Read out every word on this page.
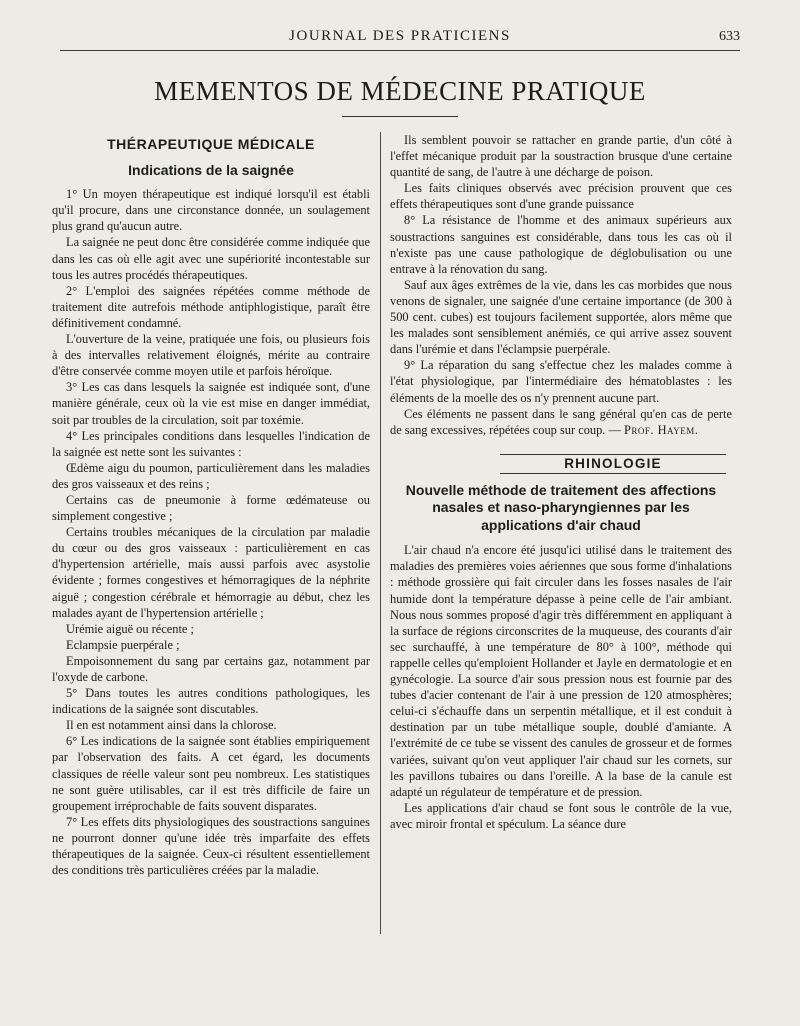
JOURNAL DES PRATICIENS	633
MEMENTOS DE MÉDECINE PRATIQUE
THÉRAPEUTIQUE MÉDICALE
Indications de la saignée

1° Un moyen thérapeutique est indiqué lorsqu'il est établi qu'il procure, dans une circonstance donnée, un soulagement plus grand qu'aucun autre.

La saignée ne peut donc être considérée comme indiquée que dans les cas où elle agit avec une supériorité incontestable sur tous les autres procédés thérapeutiques.

2° L'emploi des saignées répétées comme méthode de traitement dite autrefois méthode antiphlogistique, paraît être définitivement condamné.

L'ouverture de la veine, pratiquée une fois, ou plusieurs fois à des intervalles relativement éloignés, mérite au contraire d'être conservée comme moyen utile et parfois héroïque.

3° Les cas dans lesquels la saignée est indiquée sont, d'une manière générale, ceux où la vie est mise en danger immédiat, soit par troubles de la circulation, soit par toxémie.

4° Les principales conditions dans lesquelles l'indication de la saignée est nette sont les suivantes :

Œdème aigu du poumon, particulièrement dans les maladies des gros vaisseaux et des reins ;

Certains cas de pneumonie à forme œdémateuse ou simplement congestive ;

Certains troubles mécaniques de la circulation par maladie du cœur ou des gros vaisseaux : particulièrement en cas d'hypertension artérielle, mais aussi parfois avec asystolie évidente ; formes congestives et hémorragiques de la néphrite aiguë ; congestion cérébrale et hémorragie au début, chez les malades ayant de l'hypertension artérielle ;

Urémie aiguë ou récente ;

Eclampsie puerpérale ;

Empoisonnement du sang par certains gaz, notamment par l'oxyde de carbone.

5° Dans toutes les autres conditions pathologiques, les indications de la saignée sont discutables.

Il en est notamment ainsi dans la chlorose.

6° Les indications de la saignée sont établies empiriquement par l'observation des faits. A cet égard, les documents classiques de réelle valeur sont peu nombreux. Les statistiques ne sont guère utilisables, car il est très difficile de faire un groupement irréprochable de faits souvent disparates.

7° Les effets dits physiologiques des soustractions sanguines ne pourront donner qu'une idée très imparfaite des effets thérapeutiques de la saignée. Ceux-ci résultent essentiellement des conditions très particulières créées par la maladie.

Ils semblent pouvoir se rattacher en grande partie, d'un côté à l'effet mécanique produit par la soustraction brusque d'une certaine quantité de sang, de l'autre à une décharge de poison.

Les faits cliniques observés avec précision prouvent que ces effets thérapeutiques sont d'une grande puissance

8° La résistance de l'homme et des animaux supérieurs aux soustractions sanguines est considérable, dans tous les cas où il n'existe pas une cause pathologique de déglobulisation ou une entrave à la rénovation du sang.

Sauf aux âges extrêmes de la vie, dans les cas morbides que nous venons de signaler, une saignée d'une certaine importance (de 300 à 500 cent. cubes) est toujours facilement supportée, alors même que les malades sont sensiblement anémiés, ce qui arrive assez souvent dans l'urémie et dans l'éclampsie puerpérale.

9° La réparation du sang s'effectue chez les malades comme à l'état physiologique, par l'intermédiaire des hématoblastes : les éléments de la moelle des os n'y prennent aucune part.

Ces éléments ne passent dans le sang général qu'en cas de perte de sang excessives, répétées coup sur coup. — Prof. Hayem.

RHINOLOGIE
Nouvelle méthode de traitement des affections nasales et naso-pharyngiennes par les applications d'air chaud

L'air chaud n'a encore été jusqu'ici utilisé dans le traitement des maladies des premières voies aériennes que sous forme d'inhalations : méthode grossière qui fait circuler dans les fosses nasales de l'air humide dont la température dépasse à peine celle de l'air ambiant. Nous nous sommes proposé d'agir très différemment en appliquant à la surface de régions circonscrites de la muqueuse, des courants d'air sec surchauffé, à une température de 80° à 100°, méthode qui rappelle celles qu'emploient Hollander et Jayle en dermatologie et en gynécologie. La source d'air sous pression nous est fournie par des tubes d'acier contenant de l'air à une pression de 120 atmosphères; celui-ci s'échauffe dans un serpentin métallique, et il est conduit à destination par un tube métallique souple, doublé d'amiante. A l'extrémité de ce tube se vissent des canules de grosseur et de formes variées, suivant qu'on veut appliquer l'air chaud sur les cornets, sur les pavillons tubaires ou dans l'oreille. A la base de la canule est adapté un régulateur de température et de pression.

Les applications d'air chaud se font sous le contrôle de la vue, avec miroir frontal et spéculum. La séance dure
